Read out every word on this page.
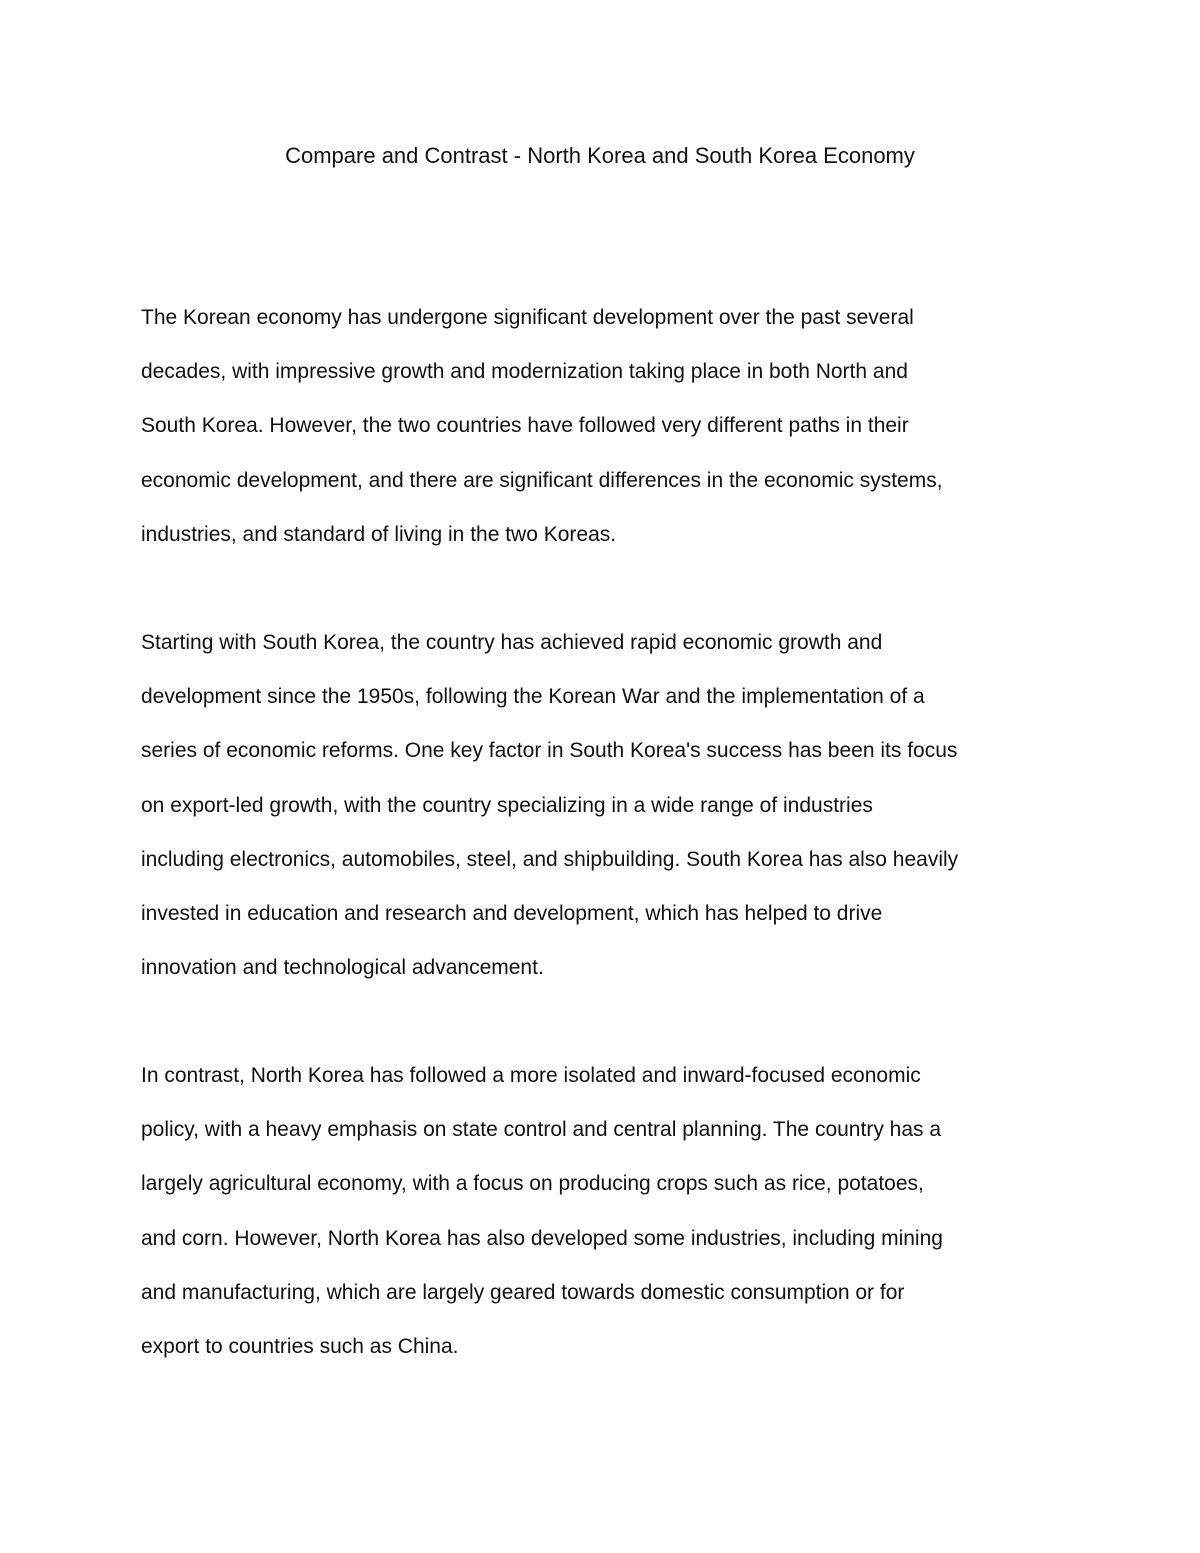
Compare and Contrast - North Korea and South Korea Economy

The Korean economy has undergone significant development over the past several
decades, with impressive growth and modernization taking place in both North and
South Korea. However, the two countries have followed very different paths in their
economic development, and there are significant differences in the economic systems,
industries, and standard of living in the two Koreas.

Starting with South Korea, the country has achieved rapid economic growth and
development since the 1950s, following the Korean War and the implementation of a
series of economic reforms. One key factor in South Korea's success has been its focus
on export-led growth, with the country specializing in a wide range of industries
including electronics, automobiles, steel, and shipbuilding. South Korea has also heavily
invested in education and research and development, which has helped to drive
innovation and technological advancement.

In contrast, North Korea has followed a more isolated and inward-focused economic
policy, with a heavy emphasis on state control and central planning. The country has a
largely agricultural economy, with a focus on producing crops such as rice, potatoes,
and corn. However, North Korea has also developed some industries, including mining
and manufacturing, which are largely geared towards domestic consumption or for
export to countries such as China.
